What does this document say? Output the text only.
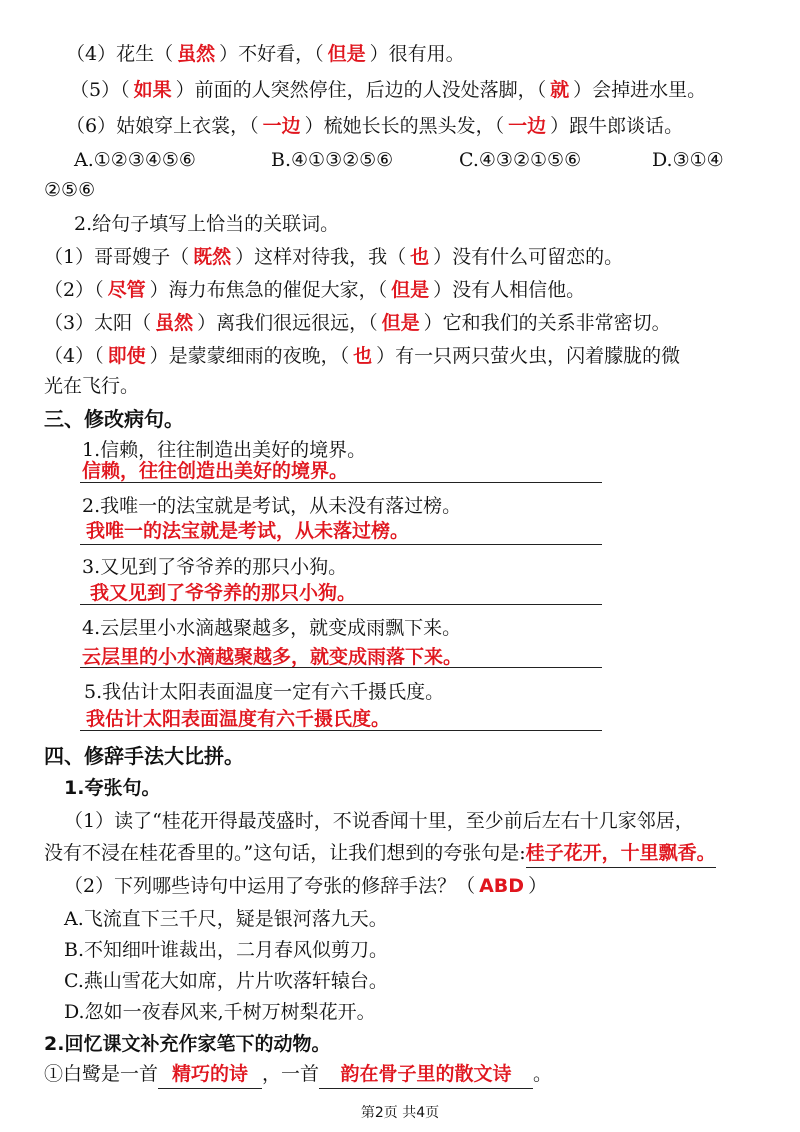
（4）花生（ 虽然 ）不好看，（ 但是 ）很有用。
（5）（ 如果 ）前面的人突然停住，后边的人没处落脚，（ 就 ）会掉进水里。
（6）姑娘穿上衣裳，（ 一边 ）梳她长长的黑头发，（ 一边 ）跟牛郎谈话。
A.①②③④⑤⑥	B.④①③②⑤⑥	C.④③②①⑤⑥	D.③①④
②⑤⑥
2.给句子填写上恰当的关联词。
（1）哥哥嫂子（ 既然 ）这样对待我，我（ 也 ）没有什么可留恋的。
（2）（ 尽管 ）海力布焦急的催促大家，（ 但是 ）没有人相信他。
（3）太阳（ 虽然 ）离我们很远很远，（ 但是 ）它和我们的关系非常密切。
（4）（ 即使 ）是蒙蒙细雨的夜晚，（ 也 ）有一只两只萤火虫，闪着朦胧的微
光在飞行。
三、修改病句。
1.信赖，往往制造出美好的境界。
信赖，往往创造出美好的境界。
2.我唯一的法宝就是考试，从未没有落过榜。
我唯一的法宝就是考试，从未落过榜。
3.又见到了爷爷养的那只小狗。
我又见到了爷爷养的那只小狗。
4.云层里小水滴越聚越多，就变成雨飘下来。
云层里的小水滴越聚越多，就变成雨落下来。
5.我估计太阳表面温度一定有六千摄氏度。
我估计太阳表面温度有六千摄氏度。
四、修辞手法大比拼。
1.夸张句。
（1）读了“桂花开得最茂盛时，不说香闻十里，至少前后左右十几家邻居，
没有不浸在桂花香里的。”这句话，让我们想到的夸张句是:桂子花开，十里飘香。
（2）下列哪些诗句中运用了夸张的修辞手法？（ ABD ）
A.飞流直下三千尺，疑是银河落九天。
B.不知细叶谁裁出，二月春风似剪刀。
C.燕山雪花大如席，片片吹落轩辕台。
D.忽如一夜春风来,千树万树梨花开。
2.回忆课文补充作家笔下的动物。
①白鹭是一首 精巧的诗 ，一首 韵在骨子里的散文诗 。
第2页 共4页
